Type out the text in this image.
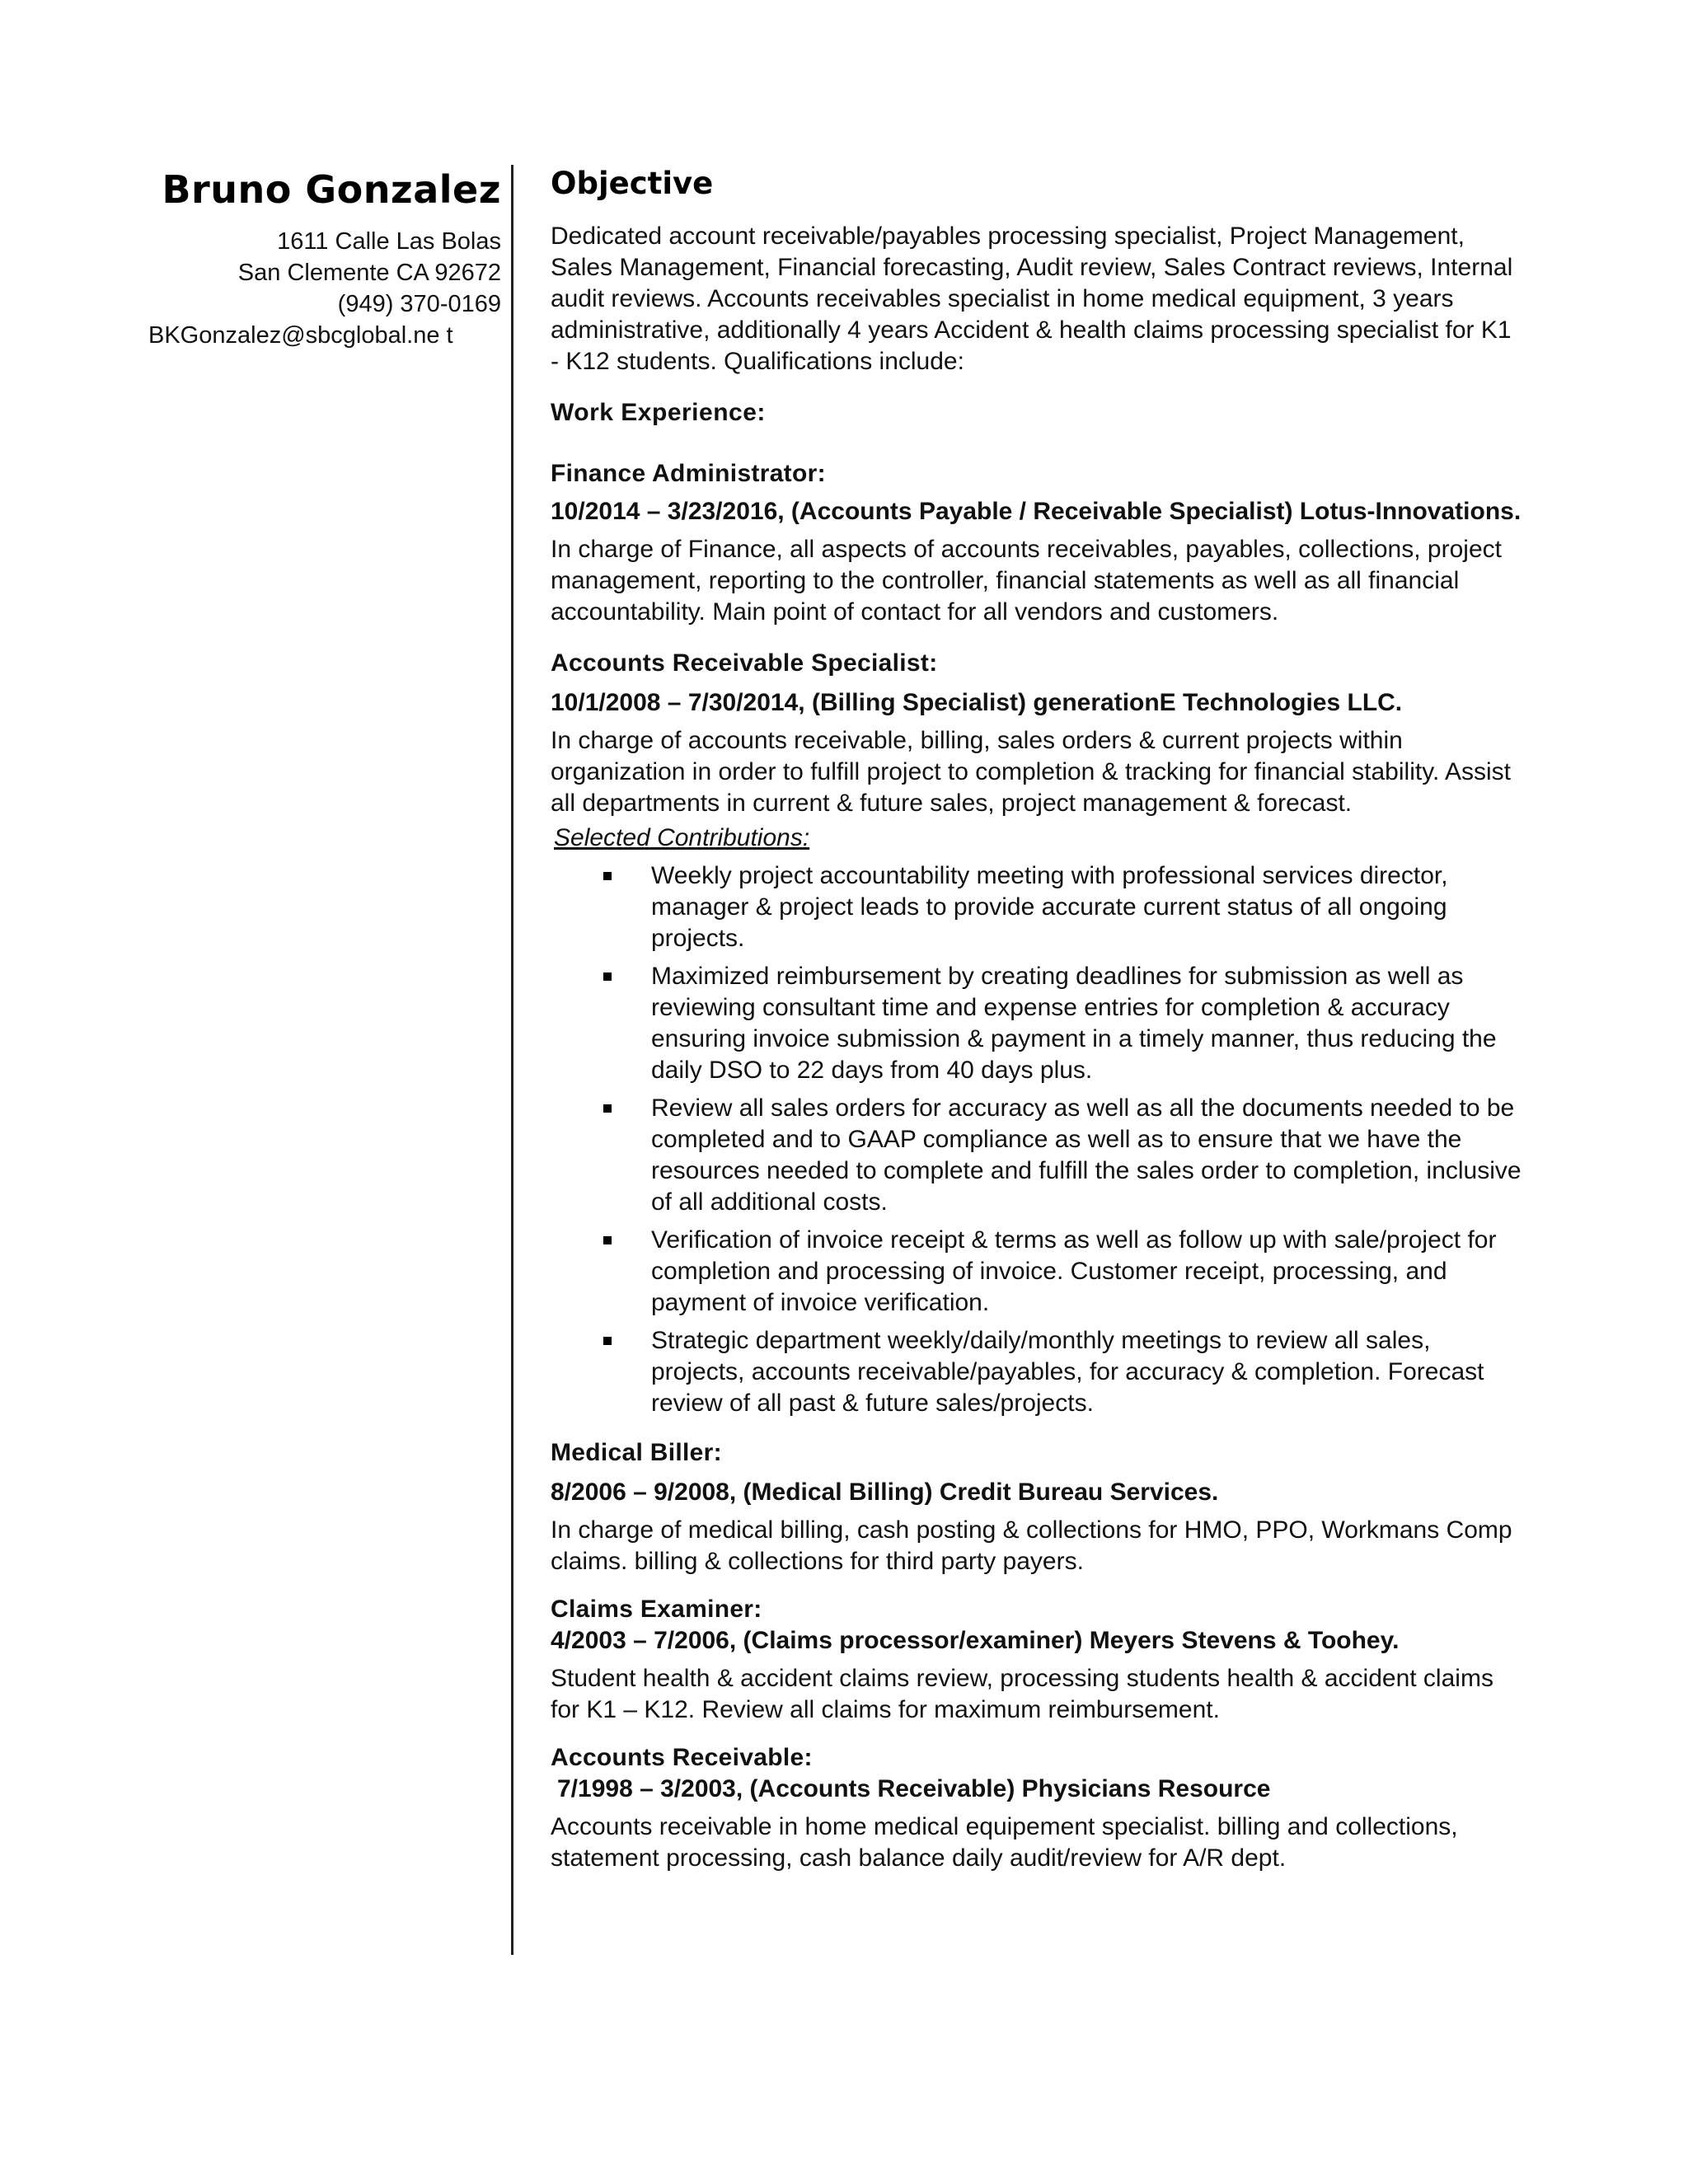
Bruno Gonzalez

1611 Calle Las Bolas

San Clemente CA 92672

(949) 370-0169

BKGonzalez@sbcglobal.ne t

Objective

Dedicated account receivable/payables processing specialist, Project Management, Sales Management, Financial forecasting, Audit review, Sales Contract reviews, Internal audit reviews. Accounts receivables specialist in home medical equipment, 3 years administrative, additionally 4 years Accident & health claims processing specialist for K1 - K12 students. Qualifications include:

Work Experience:

Finance Administrator:

10/2014 – 3/23/2016, (Accounts Payable / Receivable Specialist) Lotus-Innovations.

In charge of Finance, all aspects of accounts receivables, payables, collections, project management, reporting to the controller, financial statements as well as all financial accountability. Main point of contact for all vendors and customers.

Accounts Receivable Specialist:

10/1/2008 – 7/30/2014, (Billing Specialist) generationE Technologies LLC.

In charge of accounts receivable, billing, sales orders & current projects within organization in order to fulfill project to completion & tracking for financial stability. Assist all departments in current & future sales, project management & forecast.

Selected Contributions:

Weekly project accountability meeting with professional services director, manager & project leads to provide accurate current status of all ongoing projects.
Maximized reimbursement by creating deadlines for submission as well as reviewing consultant time and expense entries for completion & accuracy ensuring invoice submission & payment in a timely manner, thus reducing the daily DSO to 22 days from 40 days plus.
Review all sales orders for accuracy as well as all the documents needed to be completed and to GAAP compliance as well as to ensure that we have the resources needed to complete and fulfill the sales order to completion, inclusive of all additional costs.
Verification of invoice receipt & terms as well as follow up with sale/project for completion and processing of invoice. Customer receipt, processing, and payment of invoice verification.
Strategic department weekly/daily/monthly meetings to review all sales, projects, accounts receivable/payables, for accuracy & completion. Forecast review of all past & future sales/projects.

Medical Biller:

8/2006 – 9/2008, (Medical Billing) Credit Bureau Services.

In charge of medical billing, cash posting & collections for HMO, PPO, Workmans Comp claims. billing & collections for third party payers.

Claims Examiner:

4/2003 – 7/2006, (Claims processor/examiner) Meyers Stevens & Toohey.

Student health & accident claims review, processing students health & accident claims for K1 – K12. Review all claims for maximum reimbursement.

Accounts Receivable:

7/1998 – 3/2003, (Accounts Receivable) Physicians Resource

Accounts receivable in home medical equipement specialist. billing and collections, statement processing, cash balance daily audit/review for A/R dept.
